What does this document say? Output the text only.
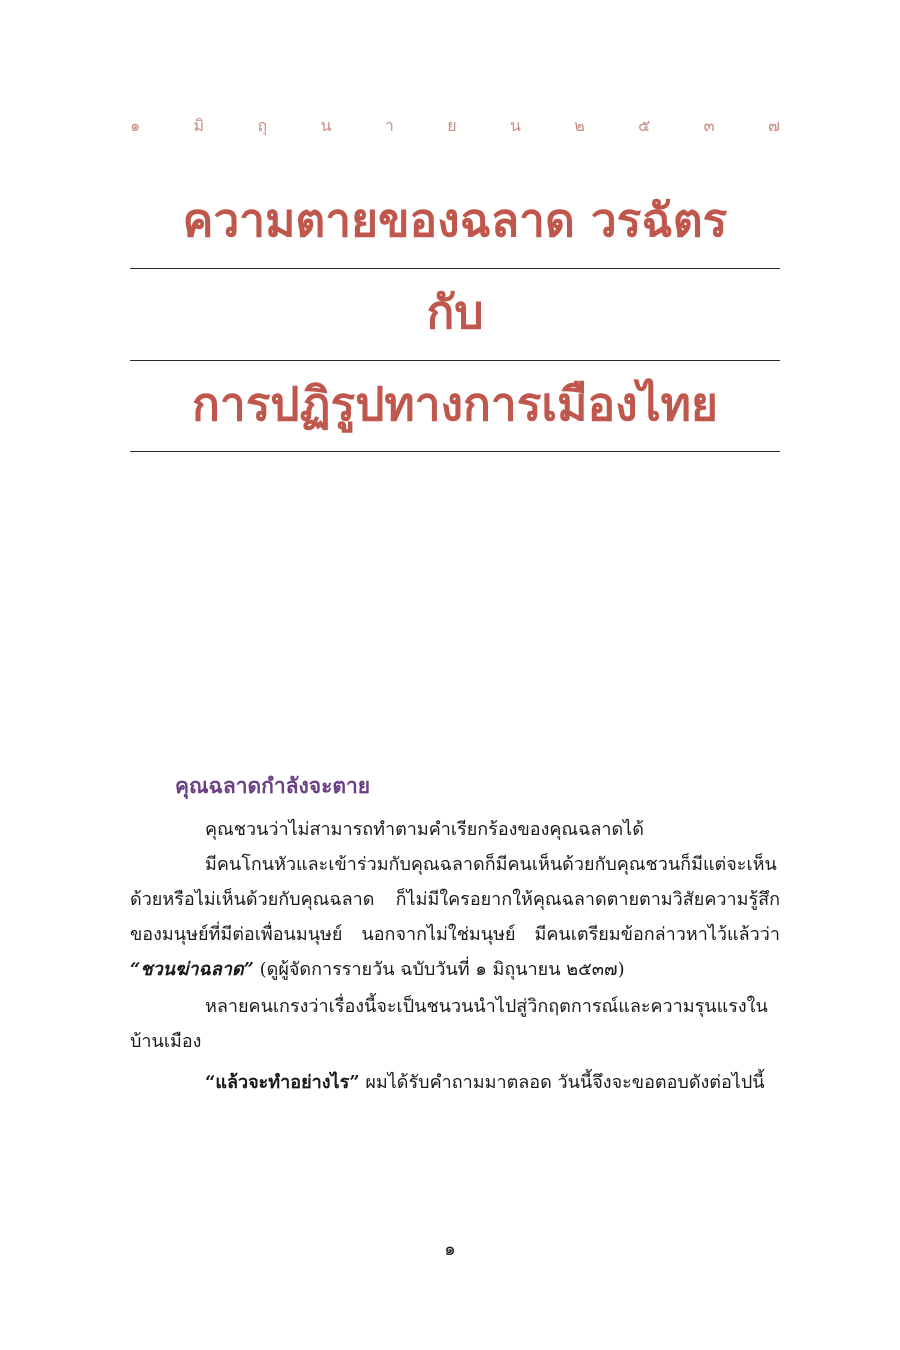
๑	มิ	ถุ	น	า	ย	น	๒	๕	๓	๗
ความตายของฉลาด วรฉัตร
กับ
การปฏิรูปทางการเมืองไทย
คุณฉลาดกำลังจะตาย

คุณชวนว่าไม่สามารถทำตามคำเรียกร้องของคุณฉลาดได้

มีคนโกนหัวและเข้าร่วมกับคุณฉลาดก็มีคนเห็นด้วยกับคุณชวนก็มีแต่จะเห็นด้วยหรือไม่เห็นด้วยกับคุณฉลาด ก็ไม่มีใครอยากให้คุณฉลาดตายตามวิสัยความรู้สึกของมนุษย์ที่มีต่อเพื่อนมนุษย์ นอกจากไม่ใช่มนุษย์ มีคนเตรียมข้อกล่าวหาไว้แล้วว่า “ชวนฆ่าฉลาด” (ดูผู้จัดการรายวัน ฉบับวันที่ ๑ มิถุนายน ๒๕๓๗)

หลายคนเกรงว่าเรื่องนี้จะเป็นชนวนนำไปสู่วิกฤตการณ์และความรุนแรงในบ้านเมือง

“แล้วจะทำอย่างไร” ผมได้รับคำถามมาตลอด วันนี้จึงจะขอตอบดังต่อไปนี้

๑
